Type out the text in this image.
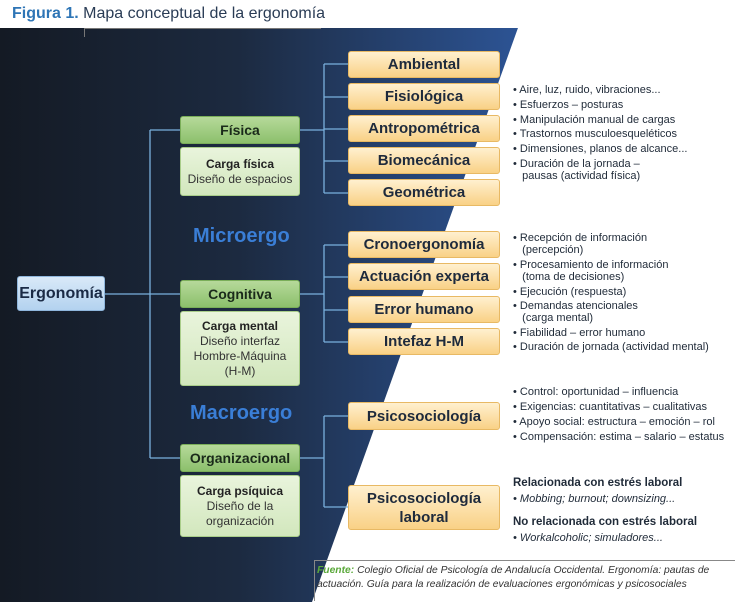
Figura 1. Mapa conceptual de la ergonomía
Ergonomía
Microergo
Macroergo
Física
Carga física
Diseño de espacios
Cognitiva
Carga mental
Diseño interfaz
Hombre-Máquina
(H-M)
Organizacional
Carga psíquica
Diseño de la
organización
Ambiental
Fisiológica
Antropométrica
Biomecánica
Geométrica
Cronoergonomía
Actuación experta
Error humano
Intefaz H-M
Psicosociología
Psicosociología laboral
• Aire, luz, ruido, vibraciones...
• Esfuerzos – posturas
• Manipulación manual de cargas
• Trastornos musculoesqueléticos
• Dimensiones, planos de alcance...
• Duración de la jornada –
pausas (actividad física)
• Recepción de información
(percepción)
• Procesamiento de información
(toma de decisiones)
• Ejecución (respuesta)
• Demandas atencionales
(carga mental)
• Fiabilidad – error humano
• Duración de jornada (actividad mental)
• Control: oportunidad – influencia
• Exigencias: cuantitativas – cualitativas
• Apoyo social: estructura – emoción – rol
• Compensación: estima – salario – estatus
Relacionada con estrés laboral
• Mobbing; burnout; downsizing...
No relacionada con estrés laboral
• Workalcoholic; simuladores...
Fuente: Colegio Oficial de Psicología de Andalucía Occidental. Ergonomía: pautas de actuación. Guía para la realización de evaluaciones ergonómicas y psicosociales
